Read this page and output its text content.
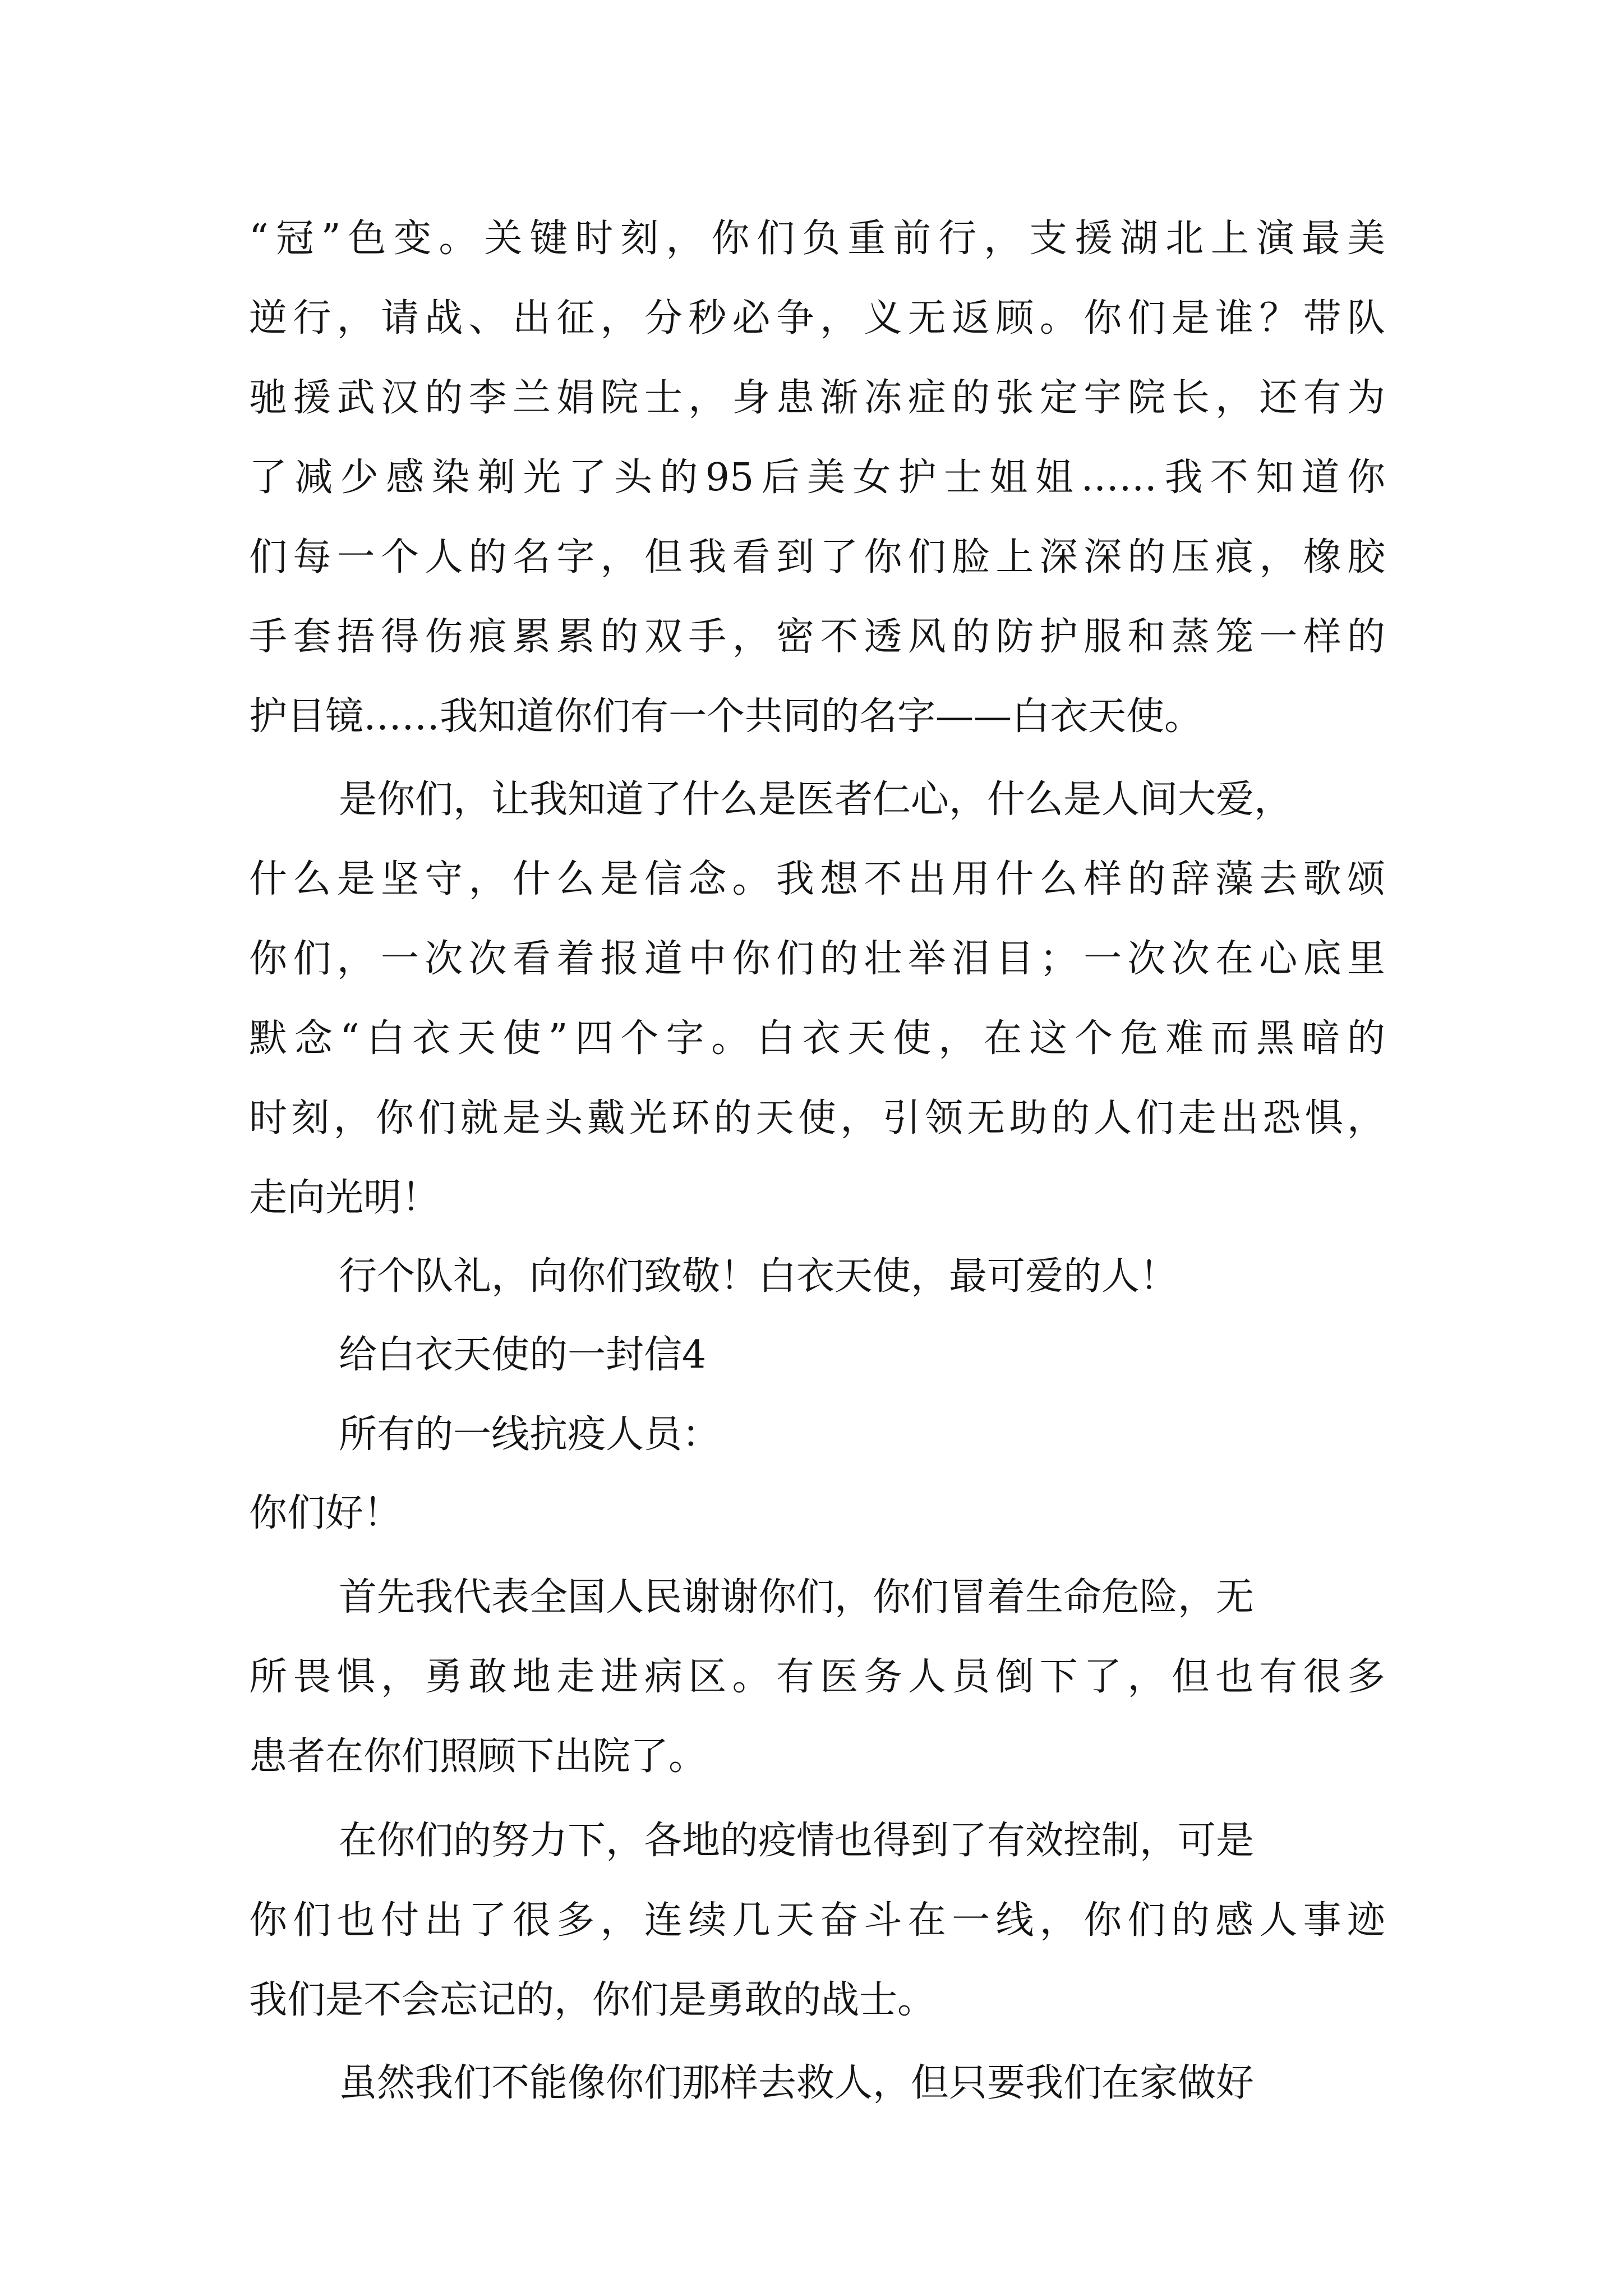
“冠”色变。关键时刻，你们负重前行，支援湖北上演最美

逆行，请战、出征，分秒必争，义无返顾。你们是谁？带队

驰援武汉的李兰娟院士，身患渐冻症的张定宇院长，还有为

了减少感染剃光了头的95后美女护士姐姐……我不知道你

们每一个人的名字，但我看到了你们脸上深深的压痕，橡胶

手套捂得伤痕累累的双手，密不透风的防护服和蒸笼一样的

护目镜……我知道你们有一个共同的名字——白衣天使。

是你们，让我知道了什么是医者仁心，什么是人间大爱，

什么是坚守，什么是信念。我想不出用什么样的辞藻去歌颂

你们，一次次看着报道中你们的壮举泪目；一次次在心底里

默念“白衣天使”四个字。白衣天使，在这个危难而黑暗的

时刻，你们就是头戴光环的天使，引领无助的人们走出恐惧，

走向光明！

行个队礼，向你们致敬！白衣天使，最可爱的人！

给白衣天使的一封信4

所有的一线抗疫人员：

你们好！

首先我代表全国人民谢谢你们，你们冒着生命危险，无

所畏惧，勇敢地走进病区。有医务人员倒下了，但也有很多

患者在你们照顾下出院了。

在你们的努力下，各地的疫情也得到了有效控制，可是

你们也付出了很多，连续几天奋斗在一线，你们的感人事迹

我们是不会忘记的，你们是勇敢的战士。

虽然我们不能像你们那样去救人，但只要我们在家做好
